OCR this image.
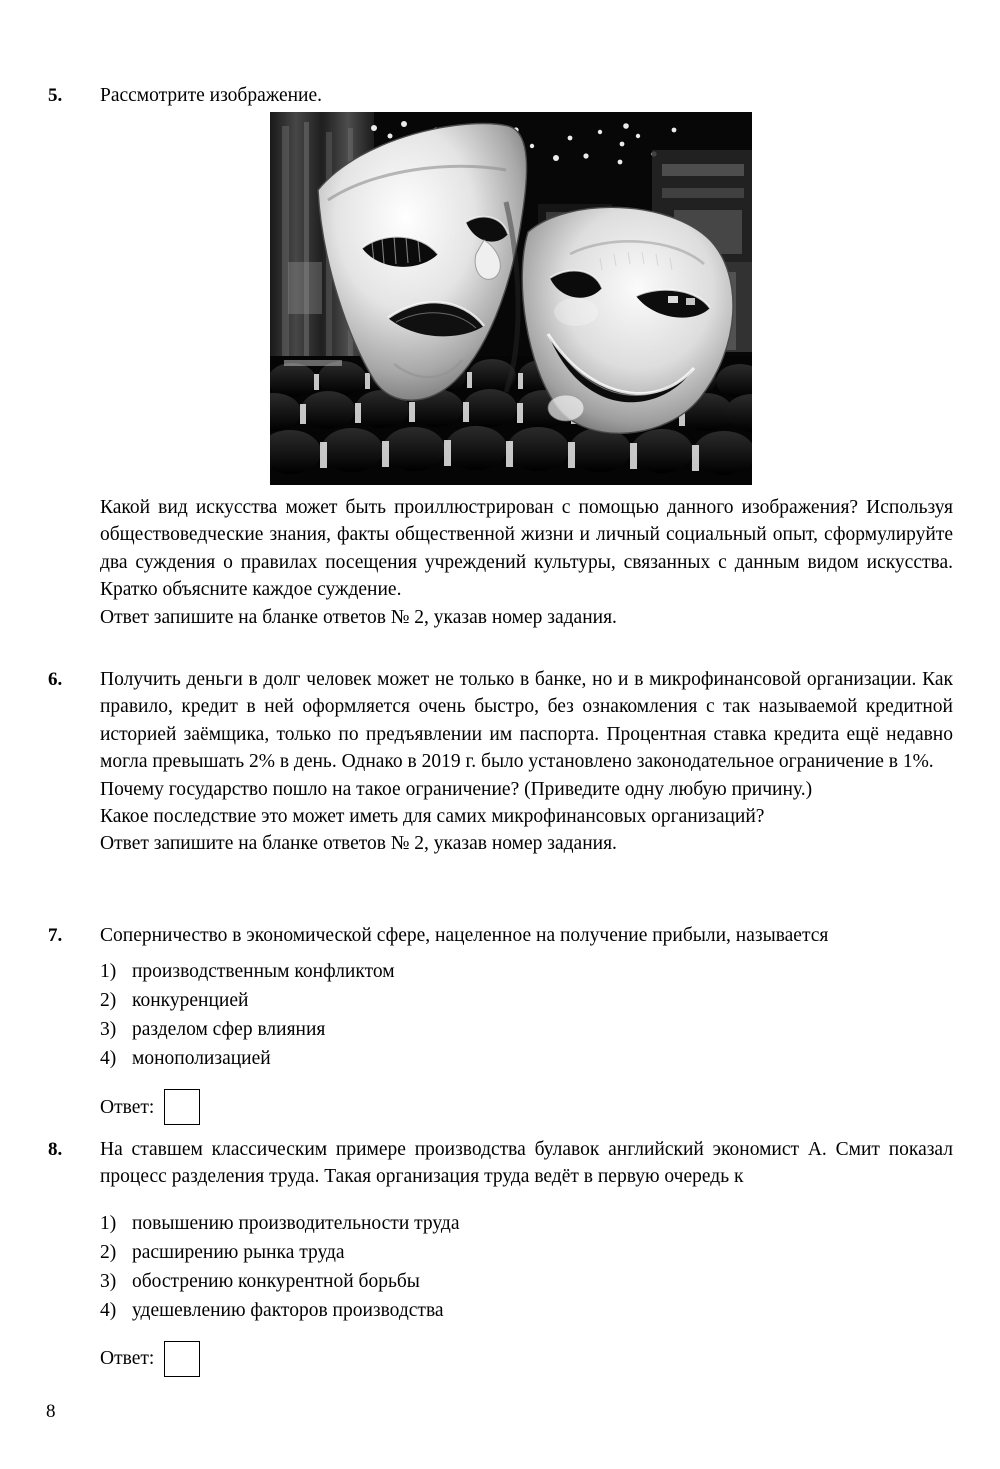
5.	Рассмотрите изображение.

Какой вид искусства может быть проиллюстрирован с помощью данного изображения? Используя обществоведческие знания, факты общественной жизни и личный социальный опыт, сформулируйте два суждения о правилах посещения учреждений культуры, связанных с данным видом искусства. Кратко объясните каждое суждение.

Ответ запишите на бланке ответов № 2, указав номер задания.

6.	Получить деньги в долг человек может не только в банке, но и в микрофинансовой организации. Как правило, кредит в ней оформляется очень быстро, без ознакомления с так называемой кредитной историей заёмщика, только по предъявлении им паспорта. Процентная ставка кредита ещё недавно могла превышать 2% в день. Однако в 2019 г. было установлено законодательное ограничение в 1%.

Почему государство пошло на такое ограничение? (Приведите одну любую причину.)

Какое последствие это может иметь для самих микрофинансовых организаций?

Ответ запишите на бланке ответов № 2, указав номер задания.

7.	Соперничество в экономической сфере, нацеленное на получение прибыли, называется

1) производственным конфликтом
2) конкуренцией
3) разделом сфер влияния
4) монополизацией
Ответ:
8.	На ставшем классическим примере производства булавок английский экономист А. Смит показал процесс разделения труда. Такая организация труда ведёт в первую очередь к

1) повышению производительности труда
2) расширению рынка труда
3) обострению конкурентной борьбы
4) удешевлению факторов производства
Ответ:
8
